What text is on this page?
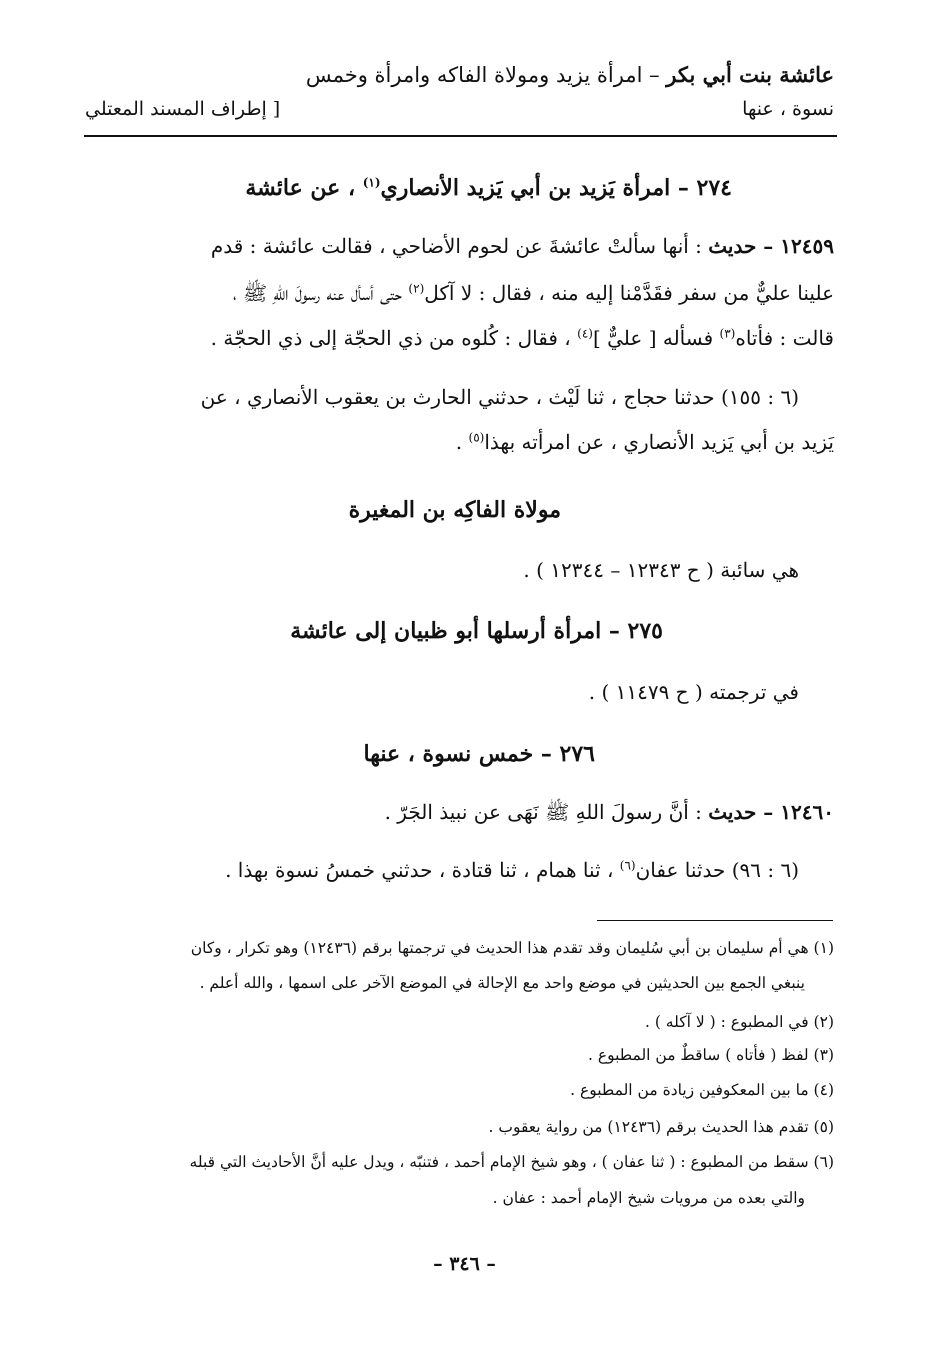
عائشة بنت أبي بكر – امرأة يزيد ومولاة الفاكه وامرأة وخمس
نسوة ، عنها
[ إطراف المسند المعتلي
٢٧٤ – امرأة يَزيد بن أبي يَزيد الأنصاري$^{(١)}$ ، عن عائشة
١٢٤٥٩ – حديث : أنها سألتْ عائشةَ عن لحوم الأضاحي ، فقالت عائشة : قدم
علينا عليٌّ من سفر فقَدَّمْنا إليه منه ، فقال : لا آكل$^{(٢)}$ حتى أسأل عنه رسولَ اللهِ ﷺ ،
قالت : فأتاه$^{(٣)}$ فسأله [ عليٌّ ]$^{(٤)}$ ، فقال : كُلوه من ذي الحجّة إلى ذي الحجّة .
(٦ : ١٥٥) حدثنا حجاج ، ثنا لَيْث ، حدثني الحارث بن يعقوب الأنصاري ، عن
يَزيد بن أبي يَزيد الأنصاري ، عن امرأته بهذا$^{(٥)}$ .
مولاة الفاكِه بن المغيرة
هي سائبة ( ح ١٢٣٤٣ – ١٢٣٤٤ ) .
٢٧٥ – امرأة أرسلها أبو ظبيان إلى عائشة
في ترجمته ( ح ١١٤٧٩ ) .
٢٧٦ – خمس نسوة ، عنها
١٢٤٦٠ – حديث : أنَّ رسولَ اللهِ ﷺ نَهَى عن نبيذ الجَرّ .
(٦ : ٩٦) حدثنا عفان$^{(٦)}$ ، ثنا همام ، ثنا قتادة ، حدثني خمسُ نسوة بهذا .
(١) هي أم سليمان بن أبي سُليمان وقد تقدم هذا الحديث في ترجمتها برقم (١٢٤٣٦) وهو تكرار ، وكان
ينبغي الجمع بين الحديثين في موضع واحد مع الإحالة في الموضع الآخر على اسمها ، والله أعلم .
(٢) في المطبوع : ( لا آكله ) .
(٣) لفظ ( فأتاه ) ساقطٌ من المطبوع .
(٤) ما بين المعكوفين زيادة من المطبوع .
(٥) تقدم هذا الحديث برقم (١٢٤٣٦) من رواية يعقوب .
(٦) سقط من المطبوع : ( ثنا عفان ) ، وهو شيخ الإمام أحمد ، فتنبّه ، ويدل عليه أنَّ الأحاديث التي قبله
والتي بعده من مرويات شيخ الإمام أحمد : عفان .
– ٣٤٦ –
